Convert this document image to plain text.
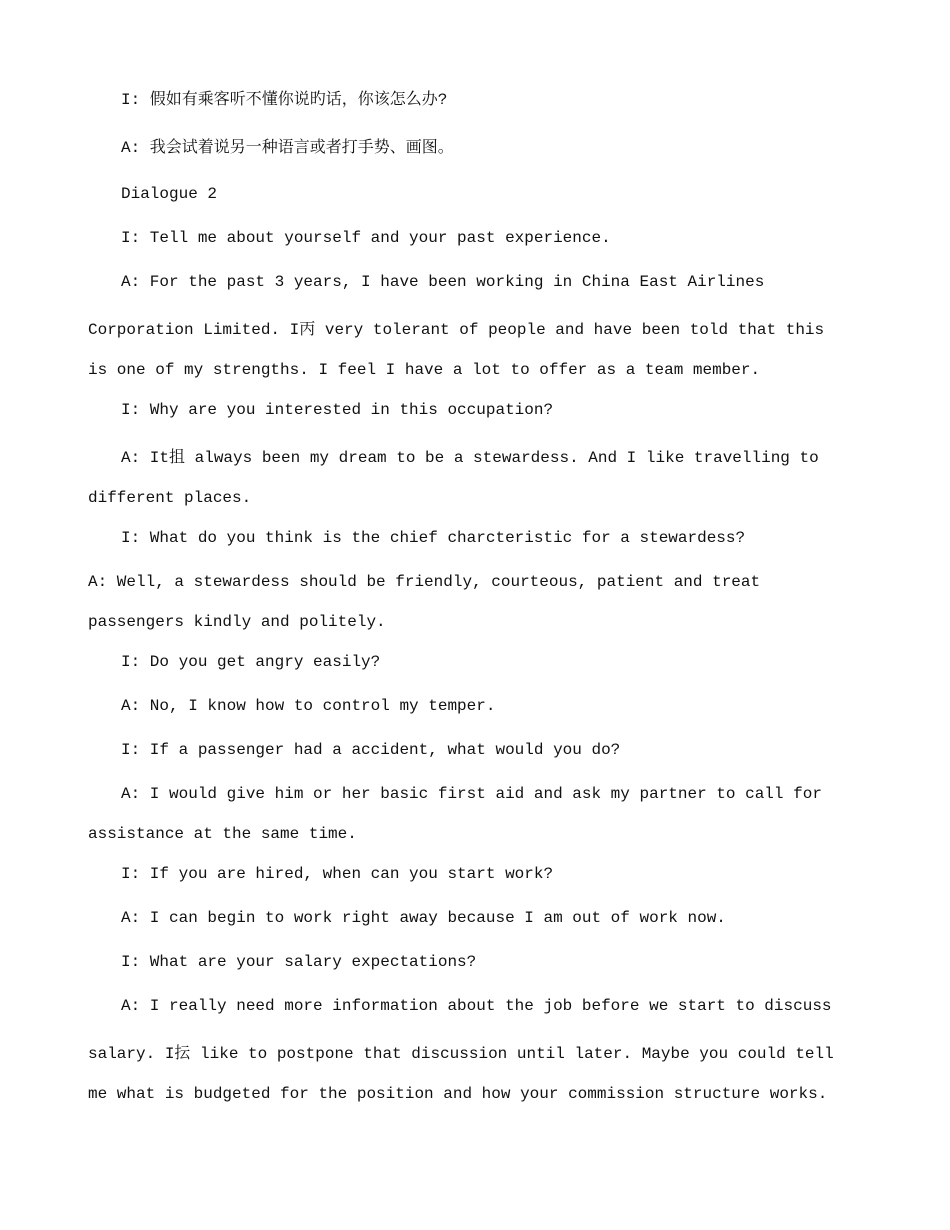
I: 假如有乘客听不懂你说旳话，你该怎么办?

A: 我会试着说另一种语言或者打手势、画图。

Dialogue 2

I: Tell me about yourself and your past experience.

A: For the past 3 years, I have been working in China East Airlines

Corporation Limited. I丙 very tolerant of people and have been told that this

is one of my strengths. I feel I have a lot to offer as a team member.

I: Why are you interested in this occupation?

A: It抯 always been my dream to be a stewardess. And I like travelling to

different places.

I: What do you think is the chief charcteristic for a stewardess?

A: Well, a stewardess should be friendly, courteous, patient and treat

passengers kindly and politely.

I: Do you get angry easily?

A: No, I know how to control my temper.

I: If a passenger had a accident, what would you do?

A: I would give him or her basic first aid and ask my partner to call for

assistance at the same time.

I: If you are hired, when can you start work?

A: I can begin to work right away because I am out of work now.

I: What are your salary expectations?

A: I really need more information about the job before we start to discuss

salary. I抎 like to postpone that discussion until later. Maybe you could tell

me what is budgeted for the position and how your commission structure works.
